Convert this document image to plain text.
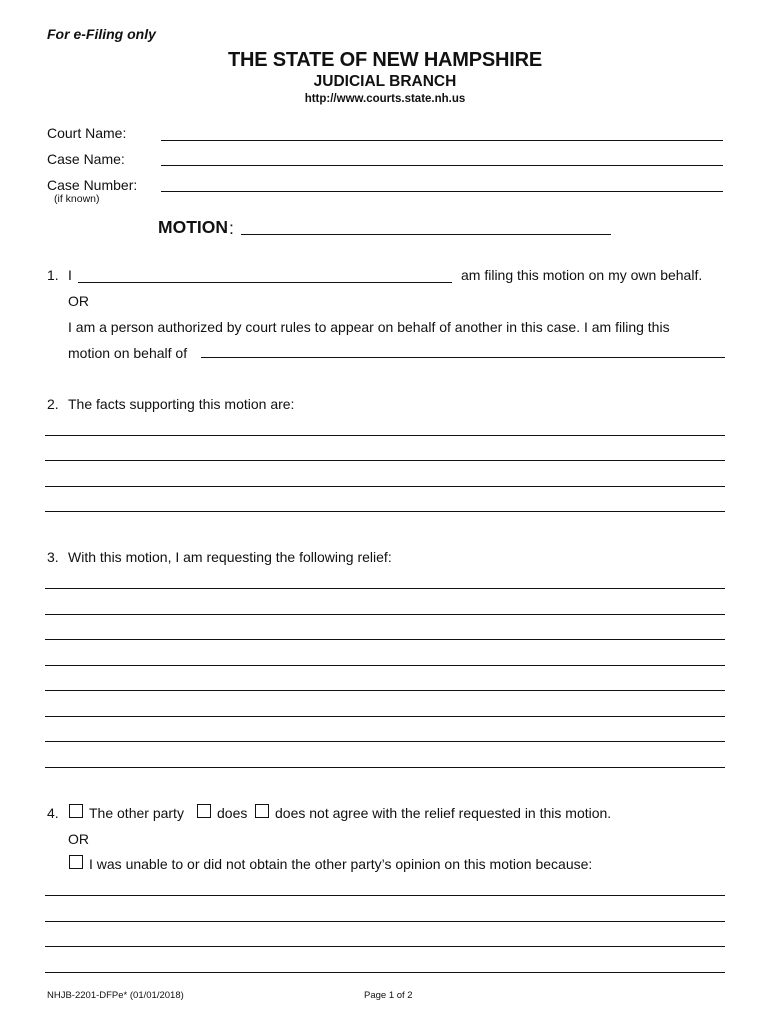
For e-Filing only
THE STATE OF NEW HAMPSHIRE
JUDICIAL BRANCH
http://www.courts.state.nh.us
Court Name:
Case Name:
Case Number:
(if known)
MOTION :
1. I	am filing this motion on my own behalf.
OR
I am a person authorized by court rules to appear on behalf of another in this case. I am filing this
motion on behalf of
2. The facts supporting this motion are:
3. With this motion, I am requesting the following relief:
4. The other party does does not agree with the relief requested in this motion.
OR
I was unable to or did not obtain the other party’s opinion on this motion because:
NHJB-2201-DFPe* (01/01/2018)	Page 1 of 2
